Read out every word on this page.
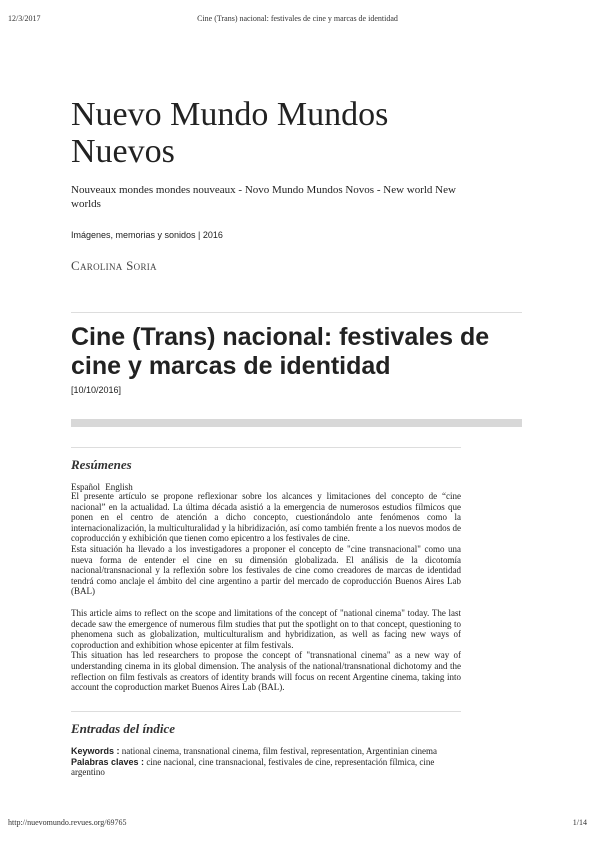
12/3/2017	Cine (Trans) nacional: festivales de cine y marcas de identidad
Nuevo Mundo Mundos Nuevos
Nouveaux mondes mondes nouveaux - Novo Mundo Mundos Novos - New world New worlds
Imágenes, memorias y sonidos | 2016
Carolina Soria
Cine (Trans) nacional: festivales de cine y marcas de identidad
[10/10/2016]
Resúmenes
Español English

El presente artículo se propone reflexionar sobre los alcances y limitaciones del concepto de “cine nacional” en la actualidad. La última década asistió a la emergencia de numerosos estudios fílmicos que ponen en el centro de atención a dicho concepto, cuestionándolo ante fenómenos como la internacionalización, la multiculturalidad y la hibridización, así como también frente a los nuevos modos de coproducción y exhibición que tienen como epicentro a los festivales de cine.

Esta situación ha llevado a los investigadores a proponer el concepto de "cine transnacional" como una nueva forma de entender el cine en su dimensión globalizada. El análisis de la dicotomía nacional/transnacional y la reflexión sobre los festivales de cine como creadores de marcas de identidad tendrá como anclaje el ámbito del cine argentino a partir del mercado de coproducción Buenos Aires Lab (BAL)

This article aims to reflect on the scope and limitations of the concept of "national cinema" today. The last decade saw the emergence of numerous film studies that put the spotlight on to that concept, questioning to phenomena such as globalization, multiculturalism and hybridization, as well as facing new ways of coproduction and exhibition whose epicenter at film festivals.

This situation has led researchers to propose the concept of "transnational cinema" as a new way of understanding cinema in its global dimension. The analysis of the national/transnational dichotomy and the reflection on film festivals as creators of identity brands will focus on recent Argentine cinema, taking into account the coproduction market Buenos Aires Lab (BAL).

Entradas del índice
Keywords : national cinema, transnational cinema, film festival, representation, Argentinian cinema
Palabras claves : cine nacional, cine transnacional, festivales de cine, representación fílmica, cine argentino
http://nuevomundo.revues.org/69765	1/14
